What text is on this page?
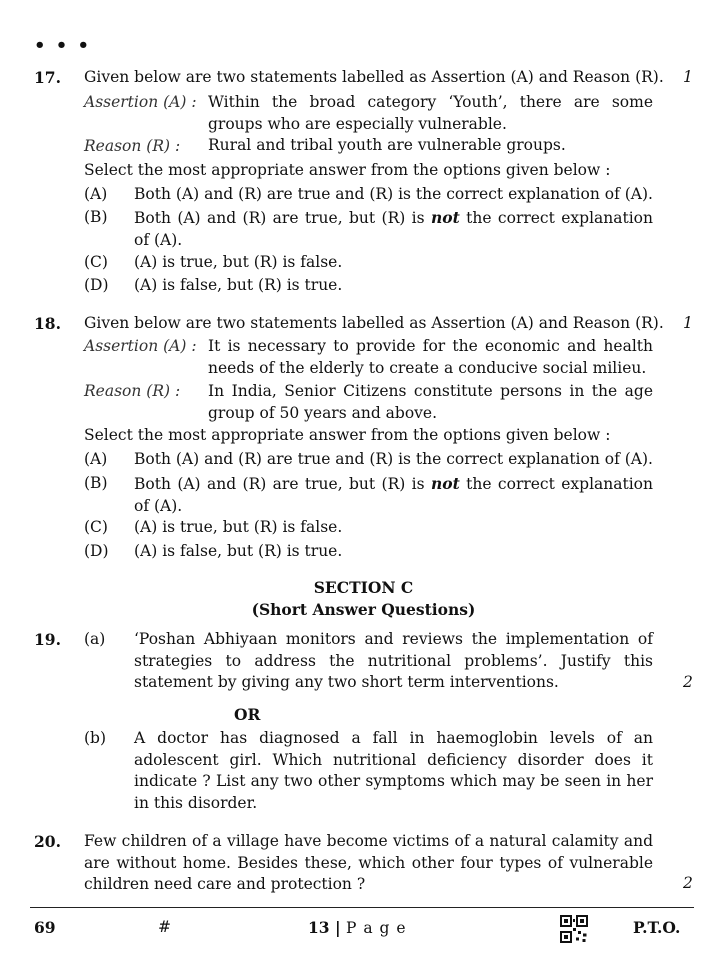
• • •
17. Given below are two statements labelled as Assertion (A) and Reason (R). 1
Assertion (A) : Within the broad category ‘Youth’, there are some groups who are especially vulnerable.
Reason (R) : Rural and tribal youth are vulnerable groups.
Select the most appropriate answer from the options given below :
(A) Both (A) and (R) are true and (R) is the correct explanation of (A).
(B) Both (A) and (R) are true, but (R) is not the correct explanation of (A).
(C) (A) is true, but (R) is false.
(D) (A) is false, but (R) is true.
18. Given below are two statements labelled as Assertion (A) and Reason (R). 1
Assertion (A) : It is necessary to provide for the economic and health needs of the elderly to create a conducive social milieu.
Reason (R) : In India, Senior Citizens constitute persons in the age group of 50 years and above.
Select the most appropriate answer from the options given below :
(A) Both (A) and (R) are true and (R) is the correct explanation of (A).
(B) Both (A) and (R) are true, but (R) is not the correct explanation of (A).
(C) (A) is true, but (R) is false.
(D) (A) is false, but (R) is true.
SECTION C
(Short Answer Questions)
19. (a) ‘Poshan Abhiyaan monitors and reviews the implementation of strategies to address the nutritional problems’. Justify this statement by giving any two short term interventions.	2
OR
(b) A doctor has diagnosed a fall in haemoglobin levels of an adolescent girl. Which nutritional deficiency disorder does it indicate ? List any two other symptoms which may be seen in her in this disorder.
20. Few children of a village have become victims of a natural calamity and are without home. Besides these, which other four types of vulnerable children need care and protection ?	2
69	#	13 | P a g e	P.T.O.
